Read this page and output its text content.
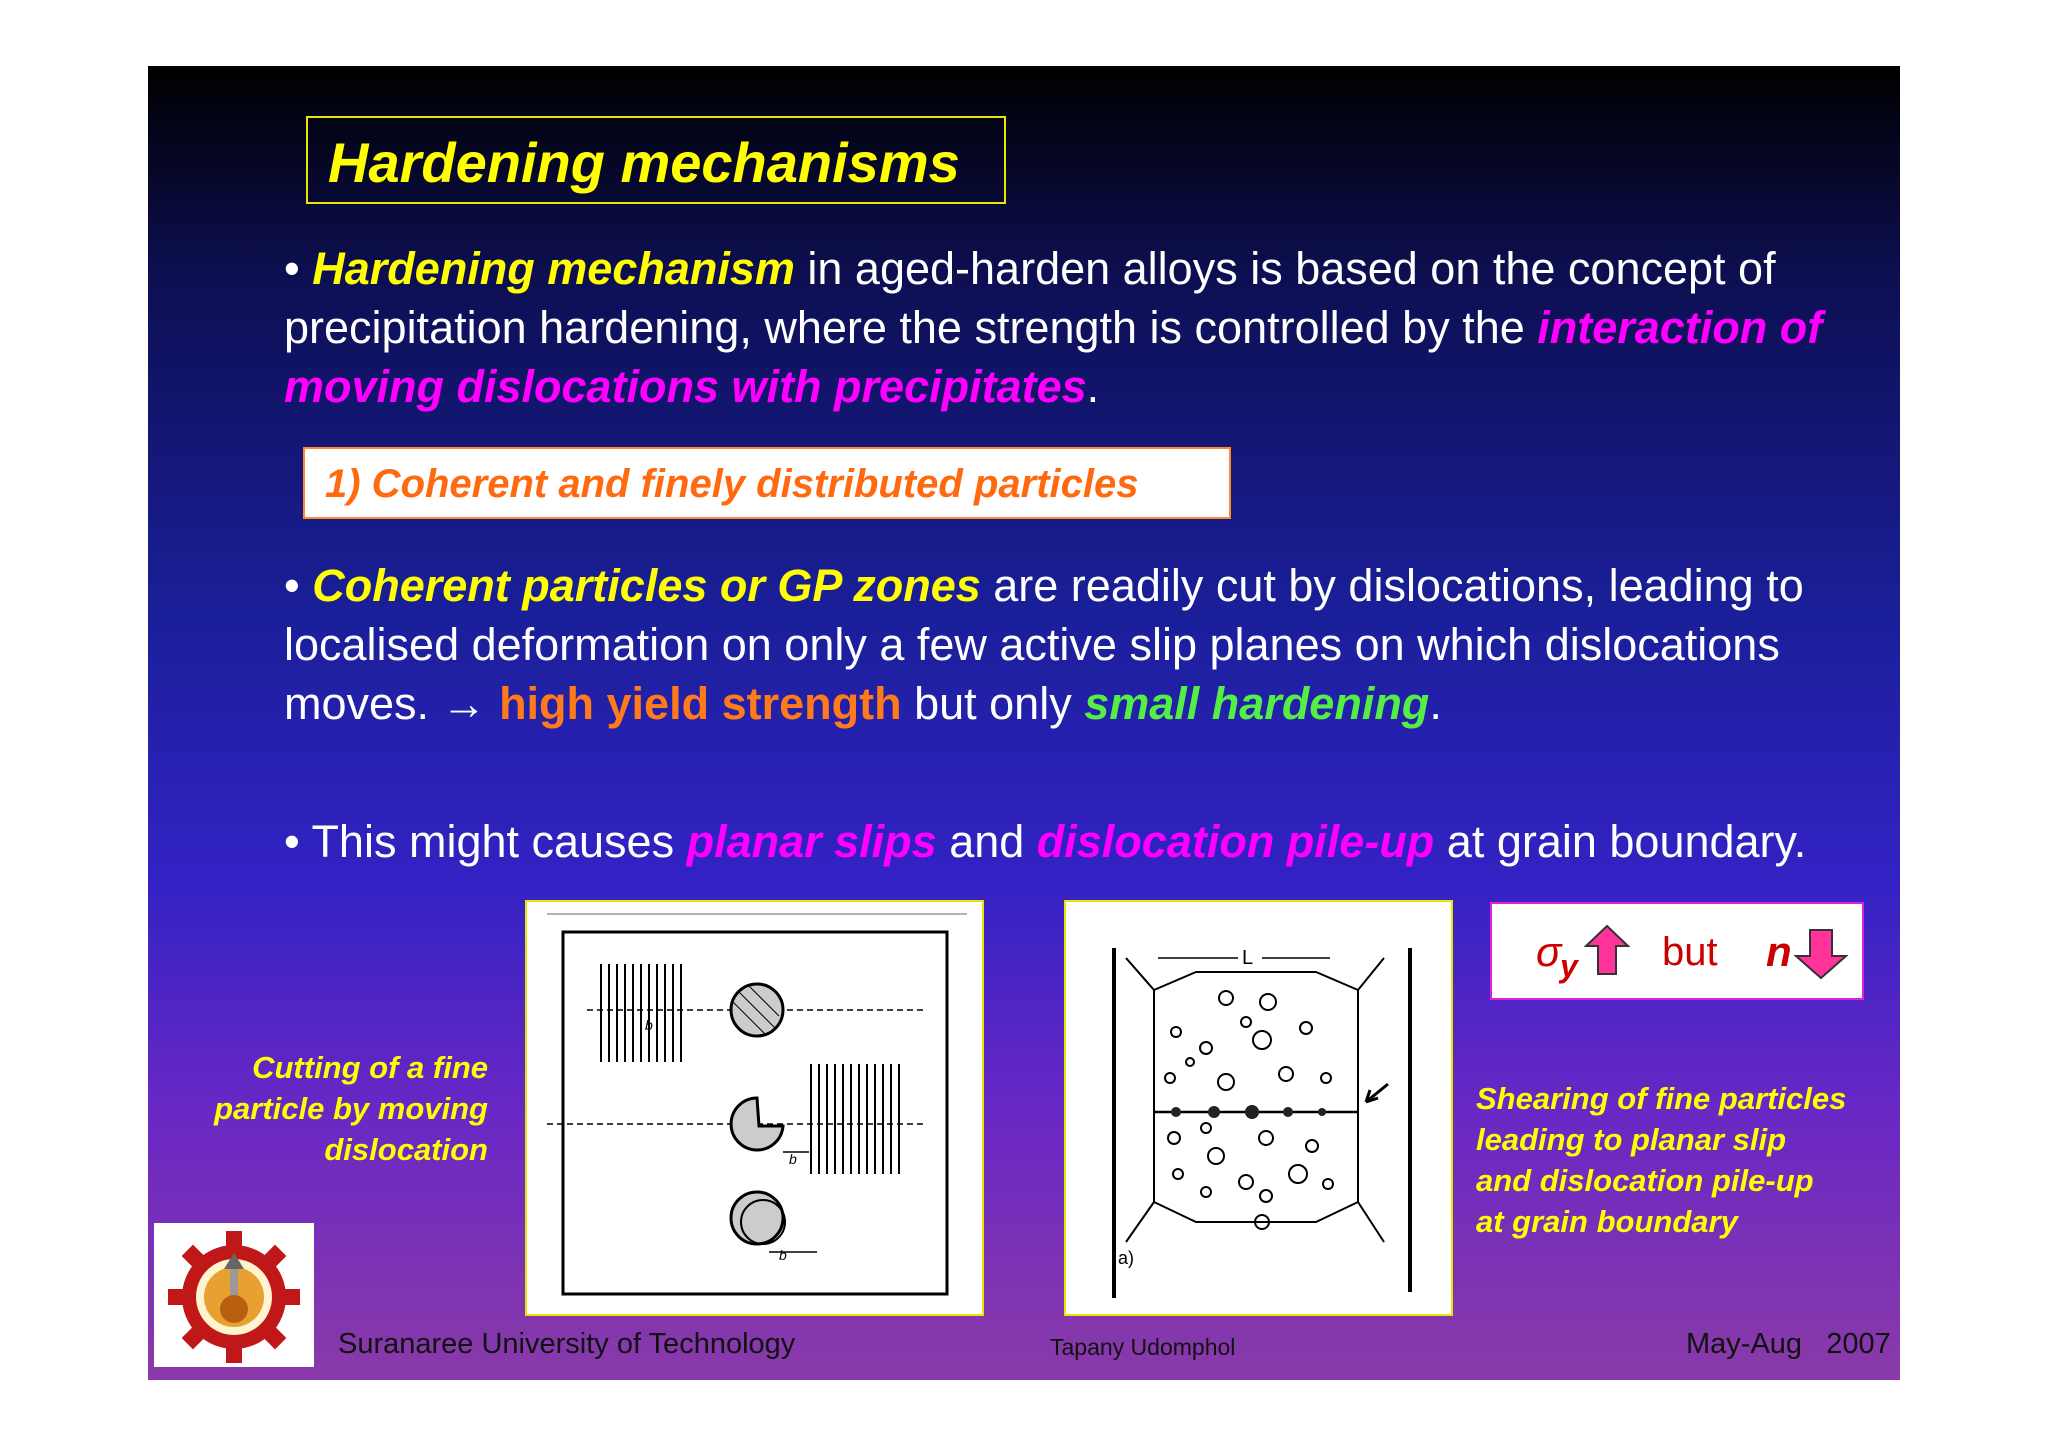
Hardening mechanisms
• Hardening mechanism in aged-harden alloys is based on the concept of precipitation hardening, where the strength is controlled by the interaction of moving dislocations with precipitates.
1) Coherent and finely distributed particles
• Coherent particles or GP zones are readily cut by dislocations, leading to localised deformation on only a few active slip planes on which dislocations moves. → high yield strength but only small hardening.
• This might causes planar slips and dislocation pile-up at grain boundary.
Cutting of a fine
particle by moving
dislocation
b
b
b
L
a)
σ
y but n
Shearing of fine particles
leading to planar slip
and dislocation pile-up
at grain boundary
Suranaree University of Technology	Tapany Udomphol	May-Aug   2007
